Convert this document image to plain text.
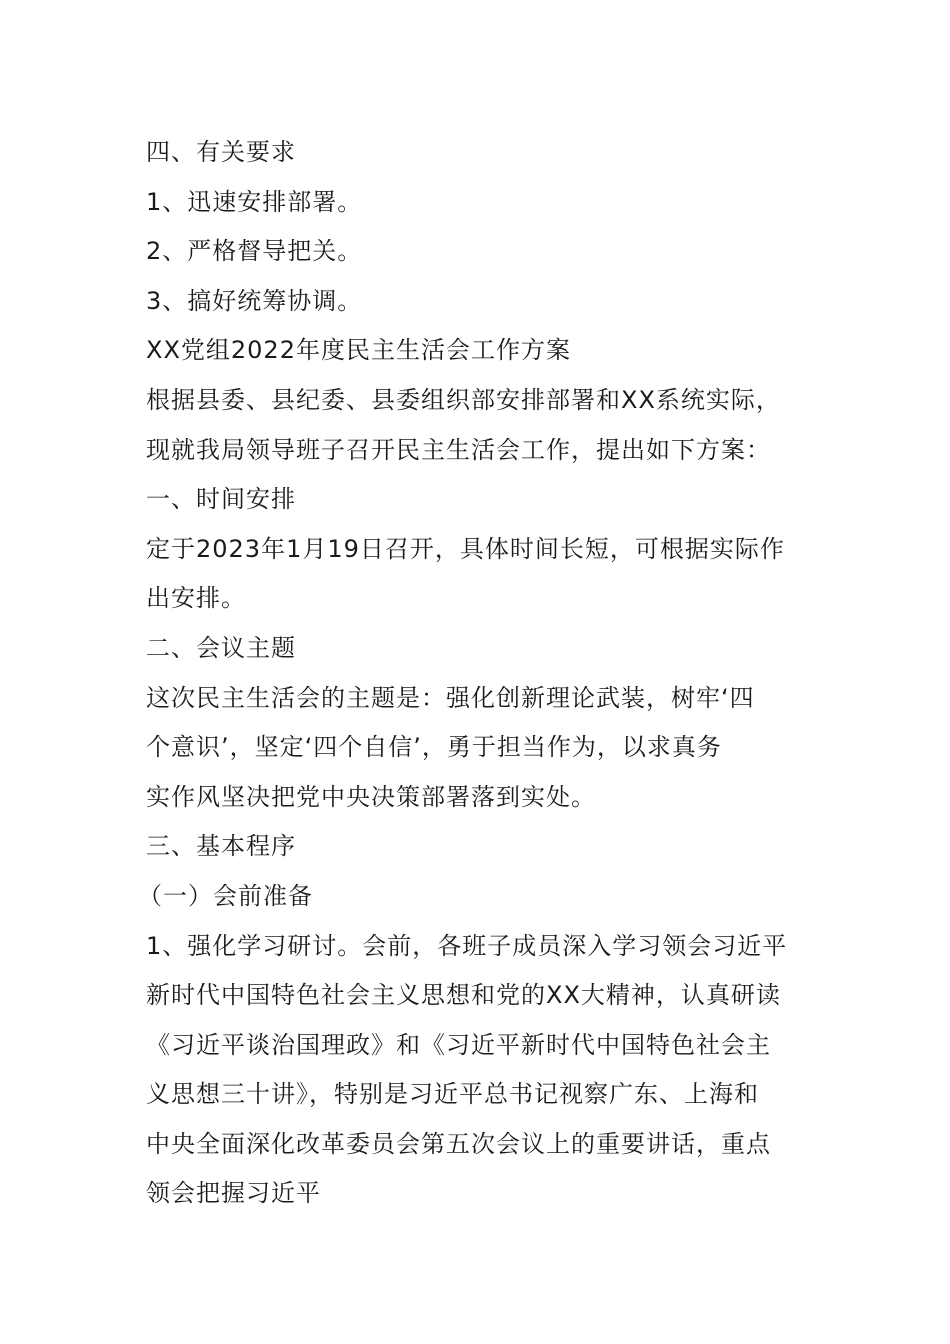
四、有关要求
1、迅速安排部署。
2、严格督导把关。
3、搞好统筹协调。
XX党组2022年度民主生活会工作方案
根据县委、县纪委、县委组织部安排部署和XX系统实际，
现就我局领导班子召开民主生活会工作，提出如下方案：
一、时间安排
定于2023年1月19日召开，具体时间长短，可根据实际作
出安排。
二、会议主题
这次民主生活会的主题是：强化创新理论武装，树牢‘四
个意识’，坚定‘四个自信’，勇于担当作为，以求真务
实作风坚决把党中央决策部署落到实处。
三、基本程序
（一）会前准备
1、强化学习研讨。会前，各班子成员深入学习领会习近平
新时代中国特色社会主义思想和党的XX大精神，认真研读
《习近平谈治国理政》和《习近平新时代中国特色社会主
义思想三十讲》，特别是习近平总书记视察广东、上海和
中央全面深化改革委员会第五次会议上的重要讲话，重点
领会把握习近平
